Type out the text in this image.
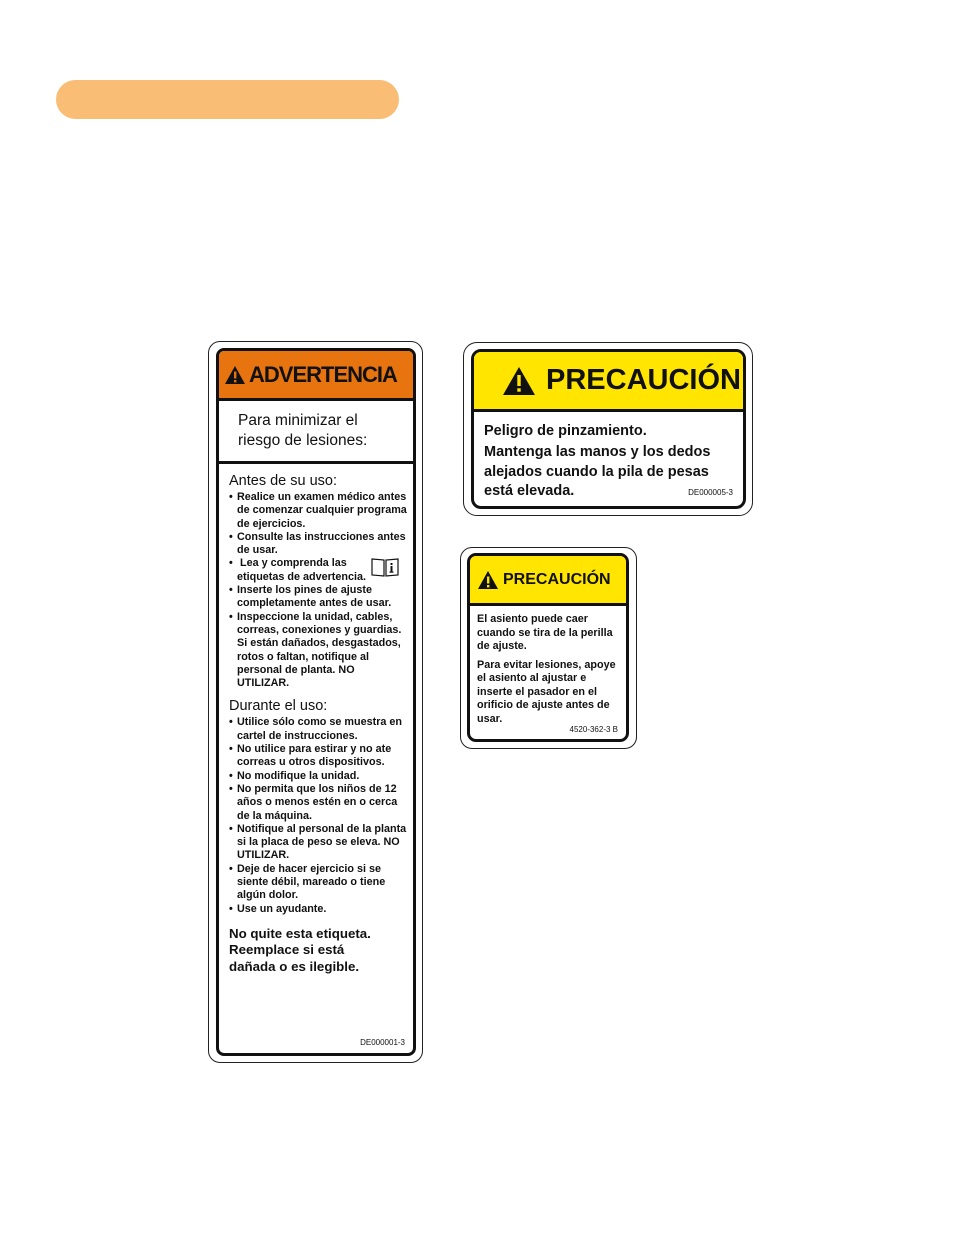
ADVERTENCIA
Para minimizar el
riesgo de lesiones:
Antes de su uso:
• Realice un examen médico antes de comenzar cualquier programa de ejercicios.
• Consulte las instrucciones antes de usar.
• Lea y comprenda las etiquetas de advertencia.
• Inserte los pines de ajuste completamente antes de usar.
• Inspeccione la unidad, cables, correas, conexiones y guardias. Si están dañados, desgastados, rotos o faltan, notifique al personal de planta. NO UTILIZAR.
Durante el uso:
• Utilice sólo como se muestra en cartel de instrucciones.
• No utilice para estirar y no ate correas u otros dispositivos.
• No modifique la unidad.
• No permita que los niños de 12 años o menos estén en o cerca de la máquina.
• Notifique al personal de la planta si la placa de peso se eleva. NO UTILIZAR.
• Deje de hacer ejercicio si se siente débil, mareado o tiene algún dolor.
• Use un ayudante.
No quite esta etiqueta.
Reemplace si está
dañada o es ilegible.
DE000001-3
PRECAUCIÓN
Peligro de pinzamiento.
Mantenga las manos y los dedos alejados cuando la pila de pesas está elevada.	DE000005-3
PRECAUCIÓN

El asiento puede caer cuando se tira de la perilla de ajuste.

Para evitar lesiones, apoye el asiento al ajustar e inserte el pasador en el orificio de ajuste antes de usar.

4520-362-3 B
